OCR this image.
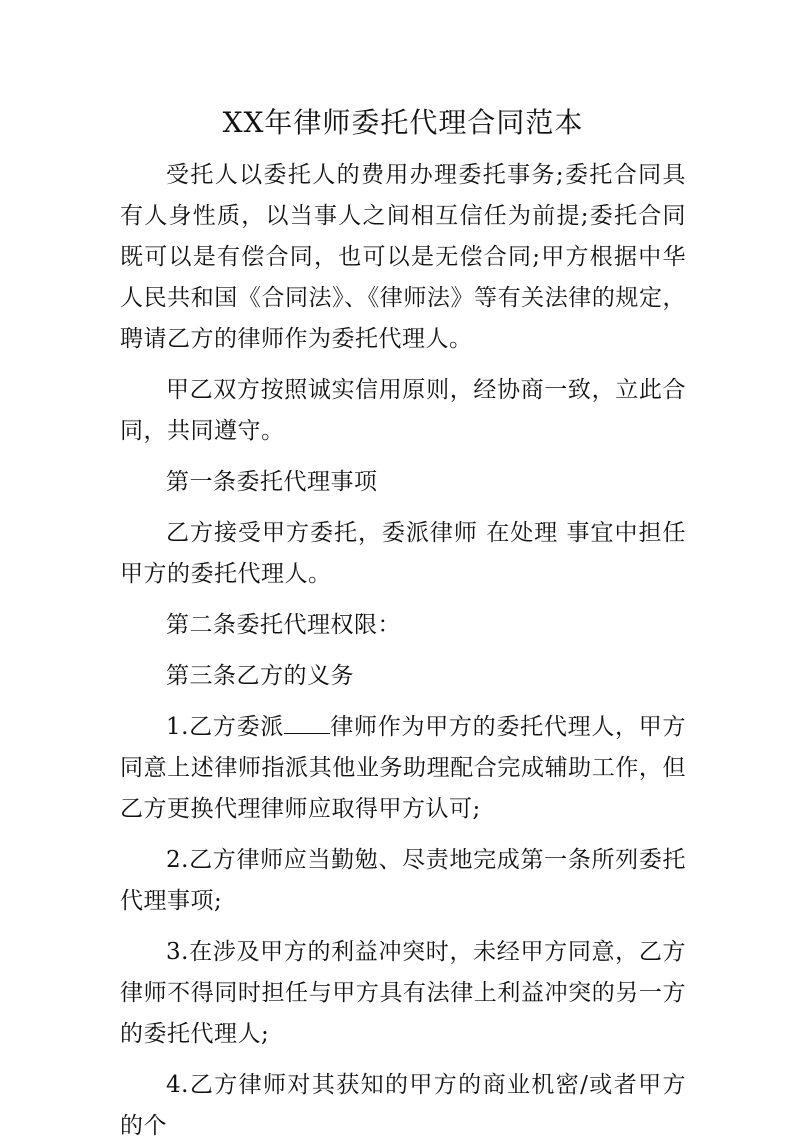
XX年律师委托代理合同范本

受托人以委托人的费用办理委托事务;委托合同具有人身性质，以当事人之间相互信任为前提;委托合同既可以是有偿合同，也可以是无偿合同;甲方根据中华人民共和国《合同法》、《律师法》等有关法律的规定，聘请乙方的律师作为委托代理人。

甲乙双方按照诚实信用原则，经协商一致，立此合同，共同遵守。

第一条委托代理事项

乙方接受甲方委托，委派律师 在处理 事宜中担任甲方的委托代理人。

第二条委托代理权限：

第三条乙方的义务

1.乙方委派 律师作为甲方的委托代理人，甲方同意上述律师指派其他业务助理配合完成辅助工作，但乙方更换代理律师应取得甲方认可;

2.乙方律师应当勤勉、尽责地完成第一条所列委托代理事项;

3.在涉及甲方的利益冲突时，未经甲方同意，乙方律师不得同时担任与甲方具有法律上利益冲突的另一方的委托代理人;

4.乙方律师对其获知的甲方的商业机密/或者甲方的个
